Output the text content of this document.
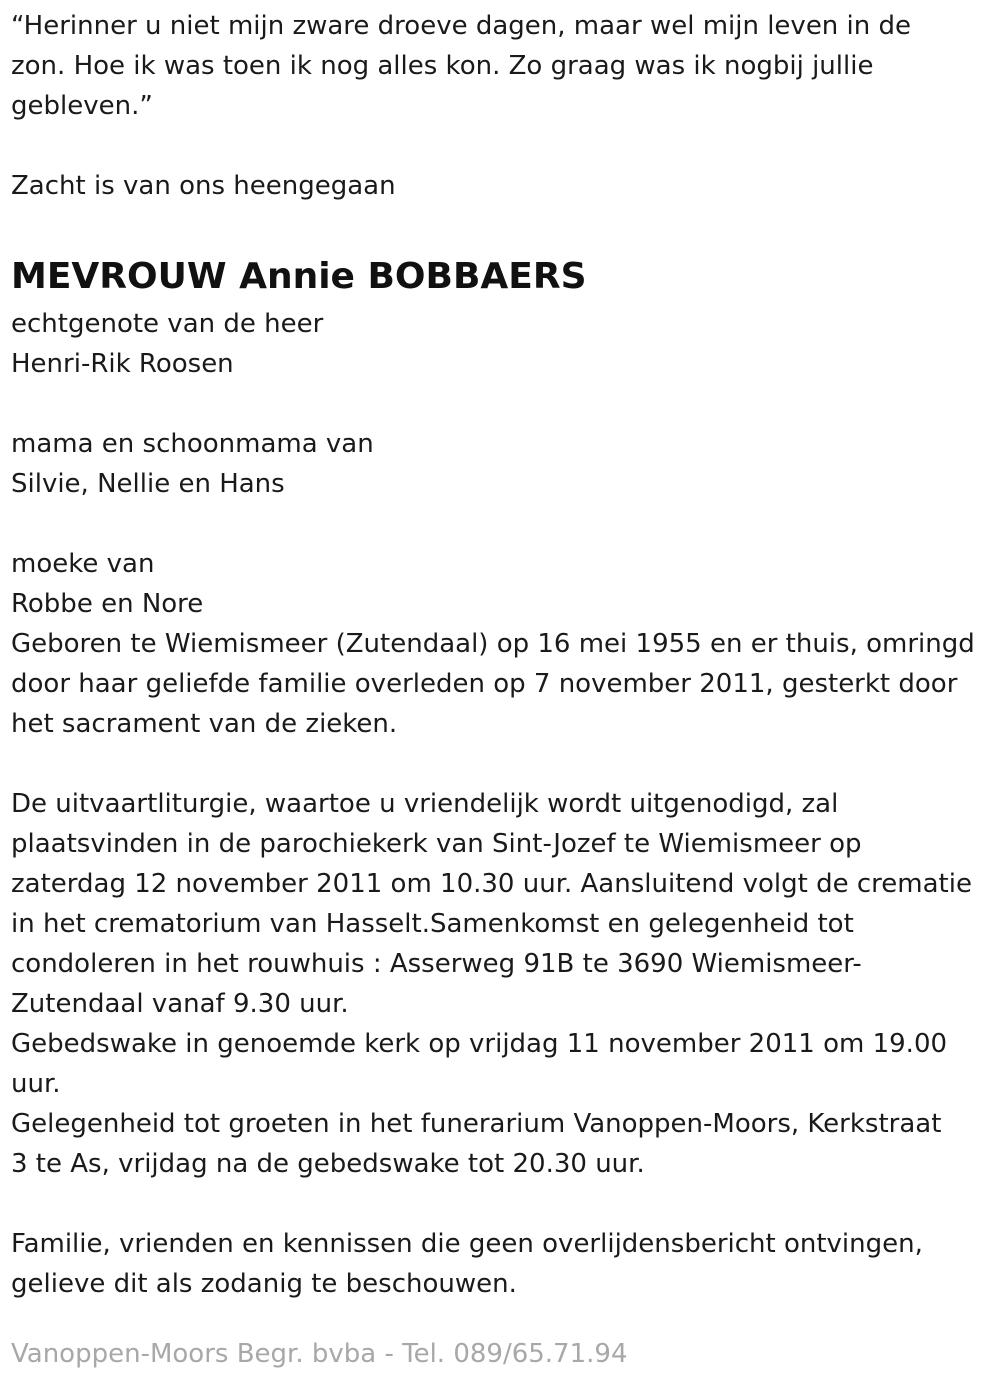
“Herinner u niet mijn zware droeve dagen, maar wel mijn leven in de

zon. Hoe ik was toen ik nog alles kon. Zo graag was ik nogbij jullie

gebleven.”

Zacht is van ons heengegaan

MEVROUW Annie BOBBAERS

echtgenote van de heer

Henri-Rik Roosen

mama en schoonmama van

Silvie, Nellie en Hans

moeke van

Robbe en Nore

Geboren te Wiemismeer (Zutendaal) op 16 mei 1955 en er thuis, omringd

door haar geliefde familie overleden op 7 november 2011, gesterkt door

het sacrament van de zieken.

De uitvaartliturgie, waartoe u vriendelijk wordt uitgenodigd, zal

plaatsvinden in de parochiekerk van Sint-Jozef te Wiemismeer op

zaterdag 12 november 2011 om 10.30 uur. Aansluitend volgt de crematie

in het crematorium van Hasselt.Samenkomst en gelegenheid tot

condoleren in het rouwhuis : Asserweg 91B te 3690 Wiemismeer-

Zutendaal vanaf 9.30 uur.

Gebedswake in genoemde kerk op vrijdag 11 november 2011 om 19.00

uur.

Gelegenheid tot groeten in het funerarium Vanoppen-Moors, Kerkstraat

3 te As, vrijdag na de gebedswake tot 20.30 uur.

Familie, vrienden en kennissen die geen overlijdensbericht ontvingen,

gelieve dit als zodanig te beschouwen.

Vanoppen-Moors Begr. bvba - Tel. 089/65.71.94
